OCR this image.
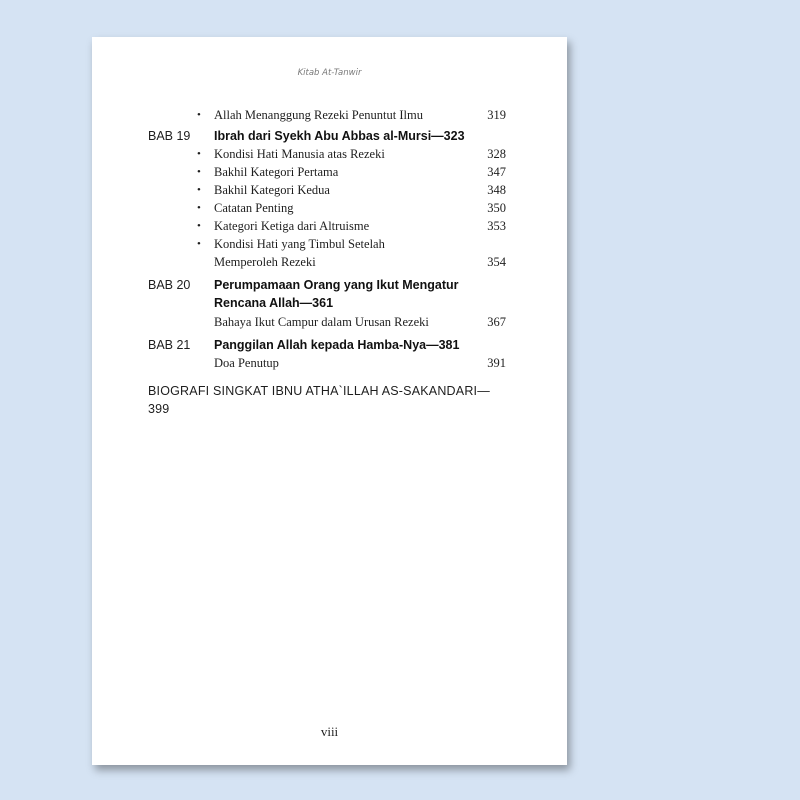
Kitab At-Tanwir
• Allah Menanggung Rezeki Penuntut Ilmu	319
BAB 19 Ibrah dari Syekh Abu Abbas al-Mursi—323
• Kondisi Hati Manusia atas Rezeki	328
• Bakhil Kategori Pertama	347
• Bakhil Kategori Kedua	348
• Catatan Penting	350
• Kategori Ketiga dari Altruisme	353
• Kondisi Hati yang Timbul Setelah
Memperoleh Rezeki	354
BAB 20 Perumpamaan Orang yang Ikut Mengatur
Rencana Allah—361
Bahaya Ikut Campur dalam Urusan Rezeki	367
BAB 21 Panggilan Allah kepada Hamba-Nya—381
Doa Penutup	391
BIOGRAFI SINGKAT IBNU ATHA`ILLAH AS-SAKANDARI—399
viii
